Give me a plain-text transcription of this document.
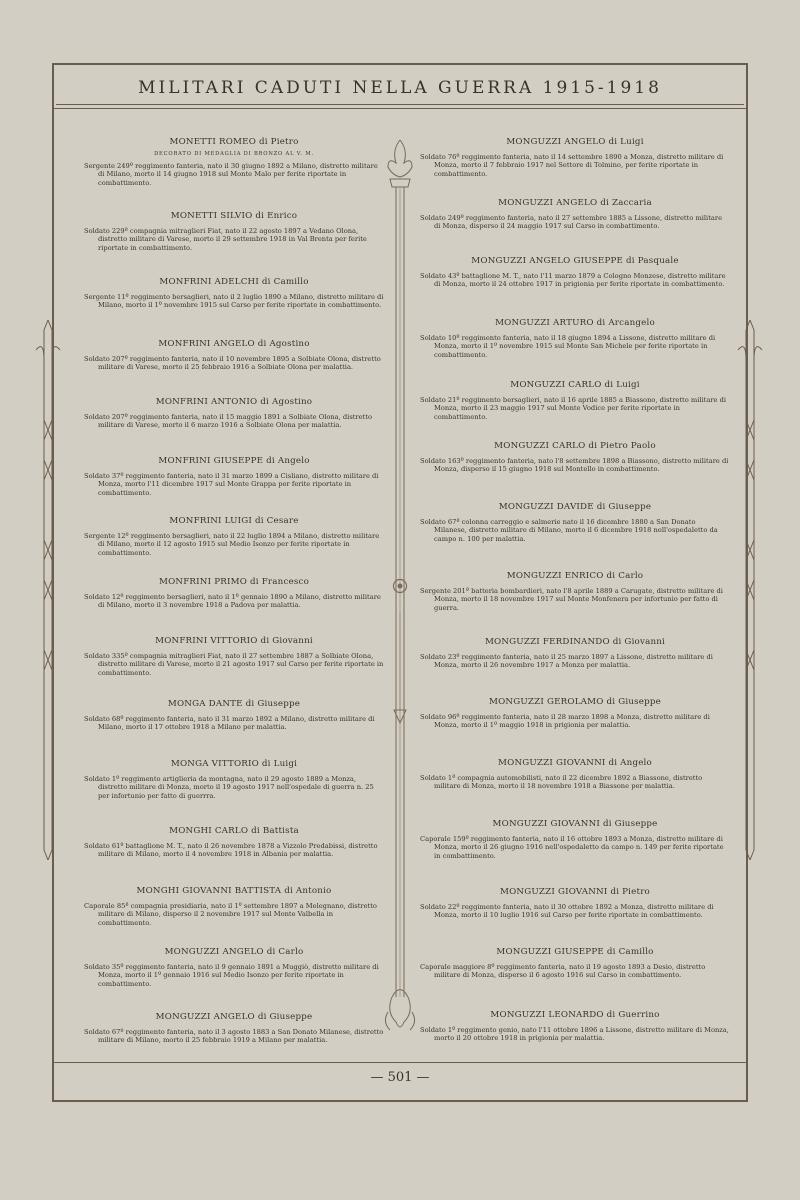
MILITARI CADUTI NELLA GUERRA 1915-1918
MONETTI ROMEO di Pietro
DECORATO DI MEDAGLIA DI BRONZO AL V. M.
Sergente 249º reggimento fanteria, nato il 30 giugno 1892 a Milano, distretto militare di Milano, morto il 14 giugno 1918 sul Monte Malo per ferite riportate in combattimento.
MONETTI SILVIO di Enrico
Soldato 229ª compagnia mitraglieri Fiat, nato il 22 agosto 1897 a Vedano Olona, distretto militare di Varese, morto il 29 settembre 1918 in Val Brenta per ferite riportate in combattimento.
MONFRINI ADELCHI di Camillo
Sergente 11º reggimento bersaglieri, nato il 2 luglio 1890 a Milano, distretto militare di Milano, morto il 1º novembre 1915 sul Carso per ferite riportate in combattimento.
MONFRINI ANGELO di Agostino
Soldato 207º reggimento fanteria, nato il 10 novembre 1895 a Solbiate Olona, distretto militare di Varese, morto il 25 febbraio 1916 a Solbiate Olona per malattia.
MONFRINI ANTONIO di Agostino
Soldato 207º reggimento fanteria, nato il 15 maggio 1891 a Solbiate Olona, distretto militare di Varese, morto il 6 marzo 1916 a Solbiate Olona per malattia.
MONFRINI GIUSEPPE di Angelo
Soldato 37º reggimento fanteria, nato il 31 marzo 1899 a Cisliano, distretto militare di Monza, morto l'11 dicembre 1917 sul Monte Grappa per ferite riportate in combattimento.
MONFRINI LUIGI di Cesare
Sergente 12º reggimento bersaglieri, nato il 22 luglio 1894 a Milano, distretto militare di Milano, morto il 12 agosto 1915 sul Medio Isonzo per ferite riportate in combattimento.
MONFRINI PRIMO di Francesco
Soldato 12º reggimento bersaglieri, nato il 1º gennaio 1890 a Milano, distretto militare di Milano, morto il 3 novembre 1918 a Padova per malattia.
MONFRINI VITTORIO di Giovanni
Soldato 335ª compagnia mitraglieri Fiat, nato il 27 settembre 1887 a Solbiate Olona, distretto militare di Varese, morto il 21 agosto 1917 sul Carso per ferite riportate in combattimento.
MONGA DANTE di Giuseppe
Soldato 68º reggimento fanteria, nato il 31 marzo 1892 a Milano, distretto militare di Milano, morto il 17 ottobre 1918 a Milano per malattia.
MONGA VITTORIO di Luigi
Soldato 1º reggimento artiglieria da montagna, nato il 29 agosto 1889 a Monza, distretto militare di Monza, morto il 19 agosto 1917 nell'ospedale di guerra n. 25 per infortunio per fatto di guerrra.
MONGHI CARLO di Battista
Soldato 61º battaglione M. T., nato il 26 novembre 1878 a Vizzolo Predabissi, distretto militare di Milano, morto il 4 novembre 1918 in Albania per malattia.
MONGHI GIOVANNI BATTISTA di Antonio
Caporale 85ª compagnia presidiaria, nato il 1º settembre 1897 a Melegnano, distretto militare di Milano, disperso il 2 novembre 1917 sul Monte Valbella in combattimento.
MONGUZZI ANGELO di Carlo
Soldato 35º reggimento fanteria, nato il 9 gennaio 1891 a Muggiò, distretto militare di Monza, morto il 1º gennaio 1916 sul Medio Isonzo per ferite riportate in combattimento.
MONGUZZI ANGELO di Giuseppe
Soldato 67º reggimento fanteria, nato il 3 agosto 1883 a San Donato Milanese, distretto militare di Milano, morto il 25 febbraio 1919 a Milano per malattia.
MONGUZZI ANGELO di Luigi
Soldato 76º reggimento fanteria, nato il 14 settembre 1890 a Monza, distretto militare di Monza, morto il 7 febbraio 1917 nel Settore di Tolmino, per ferite riportate in combattimento.
MONGUZZI ANGELO di Zaccaria
Soldato 249º reggimento fanteria, nato il 27 settembre 1885 a Lissone, distretto militare di Monza, disperso il 24 maggio 1917 sul Carso in combattimento.
MONGUZZI ANGELO GIUSEPPE di Pasquale
Soldato 43º battaglione M. T., nato l'11 marzo 1879 a Cologno Monzese, distretto militare di Monza, morto il 24 ottobre 1917 in prigionia per ferite riportate in combattimento.
MONGUZZI ARTURO di Arcangelo
Soldato 10º reggimento fanteria, nato il 18 giugno 1894 a Lissone, distretto militare di Monza, morto il 1º novembre 1915 sul Monte San Michele per ferite riportate in combattimento.
MONGUZZI CARLO di Luigi
Soldato 21º reggimento bersaglieri, nato il 16 aprile 1885 a Biassono, distretto militare di Monza, morto il 23 maggio 1917 sul Monte Vodice per ferite riportate in combattimento.
MONGUZZI CARLO di Pietro Paolo
Soldato 163º reggimento fanteria, nato l'8 settembre 1898 a Biassono, distretto militare di Monza, disperso il 15 giugno 1918 sul Montello in combattimento.
MONGUZZI DAVIDE di Giuseppe
Soldato 67ª colonna carreggio e salmerie nato il 16 dicembre 1880 a San Donato Milanese, distretto militare di Milano, morto il 6 dicembre 1918 nell'ospedaletto da campo n. 100 per malattia.
MONGUZZI ENRICO di Carlo
Sergente 201ª batteria bombardieri, nato l'8 aprile 1889 a Carugate, distretto militare di Monza, morto il 18 novembre 1917 sul Monte Monfenera per infortunio per fatto di guerra.
MONGUZZI FERDINANDO di Giovanni
Soldato 23º reggimento fanteria, nato il 25 marzo 1897 a Lissone, distretto militare di Monza, morto il 26 novembre 1917 a Monza per malattia.
MONGUZZI GEROLAMO di Giuseppe
Soldato 96º reggimento fanteria, nato il 28 marzo 1898 a Monza, distretto militare di Monza, morto il 1º maggio 1918 in prigionia per malattia.
MONGUZZI GIOVANNI di Angelo
Soldato 1ª compagnia automobilisti, nato il 22 dicembre 1892 a Biassone, distretto militare di Monza, morto il 18 novembre 1918 a Biassone per malattia.
MONGUZZI GIOVANNI di Giuseppe
Caporale 159º reggimento fanteria, nato il 16 ottobre 1893 a Monza, distretto militare di Monza, morto il 26 giugno 1916 nell'ospedaletto da campo n. 149 per ferite riportate in combattimento.
MONGUZZI GIOVANNI di Pietro
Soldato 22º reggimento fanteria, nato il 30 ottobre 1892 a Monza, distretto militare di Monza, morto il 10 luglio 1916 sul Carso per ferite riportate in combattimento.
MONGUZZI GIUSEPPE di Camillo
Caporale maggiore 8º reggimento fanteria, nato il 19 agosto 1893 a Desio, distretto militare di Monza, disperso il 6 agosto 1916 sul Carso in combattimento.
MONGUZZI LEONARDO di Guerrino
Soldato 1º reggimento genio, nato l'11 ottobre 1896 a Lissone, distretto militare di Monza, morto il 20 ottobre 1918 in prigionia per malattia.
— 501 —
